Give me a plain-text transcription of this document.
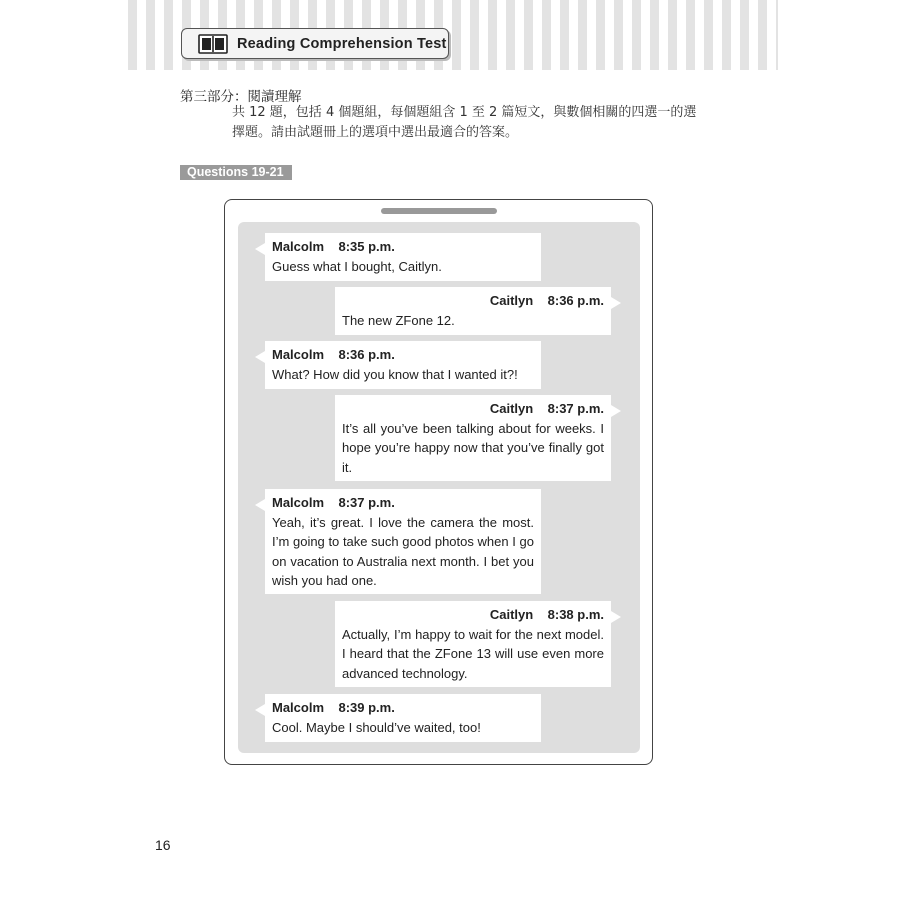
Reading Comprehension Test
第三部分：閱讀理解
共 12 題，包括 4 個題組，每個題組含 1 至 2 篇短文，與數個相關的四選一的選擇題。請由試題冊上的選項中選出最適合的答案。
Questions 19-21
Malcolm 8:35 p.m.
Guess what I bought, Caitlyn.
Caitlyn 8:36 p.m.
The new ZFone 12.
Malcolm 8:36 p.m.
What? How did you know that I wanted it?!
Caitlyn 8:37 p.m.
It’s all you’ve been talking about for weeks. I hope you’re happy now that you’ve finally got it.
Malcolm 8:37 p.m.
Yeah, it’s great. I love the camera the most. I’m going to take such good photos when I go on vacation to Australia next month. I bet you wish you had one.
Caitlyn 8:38 p.m.
Actually, I’m happy to wait for the next model. I heard that the ZFone 13 will use even more advanced technology.
Malcolm 8:39 p.m.
Cool. Maybe I should’ve waited, too!
16
